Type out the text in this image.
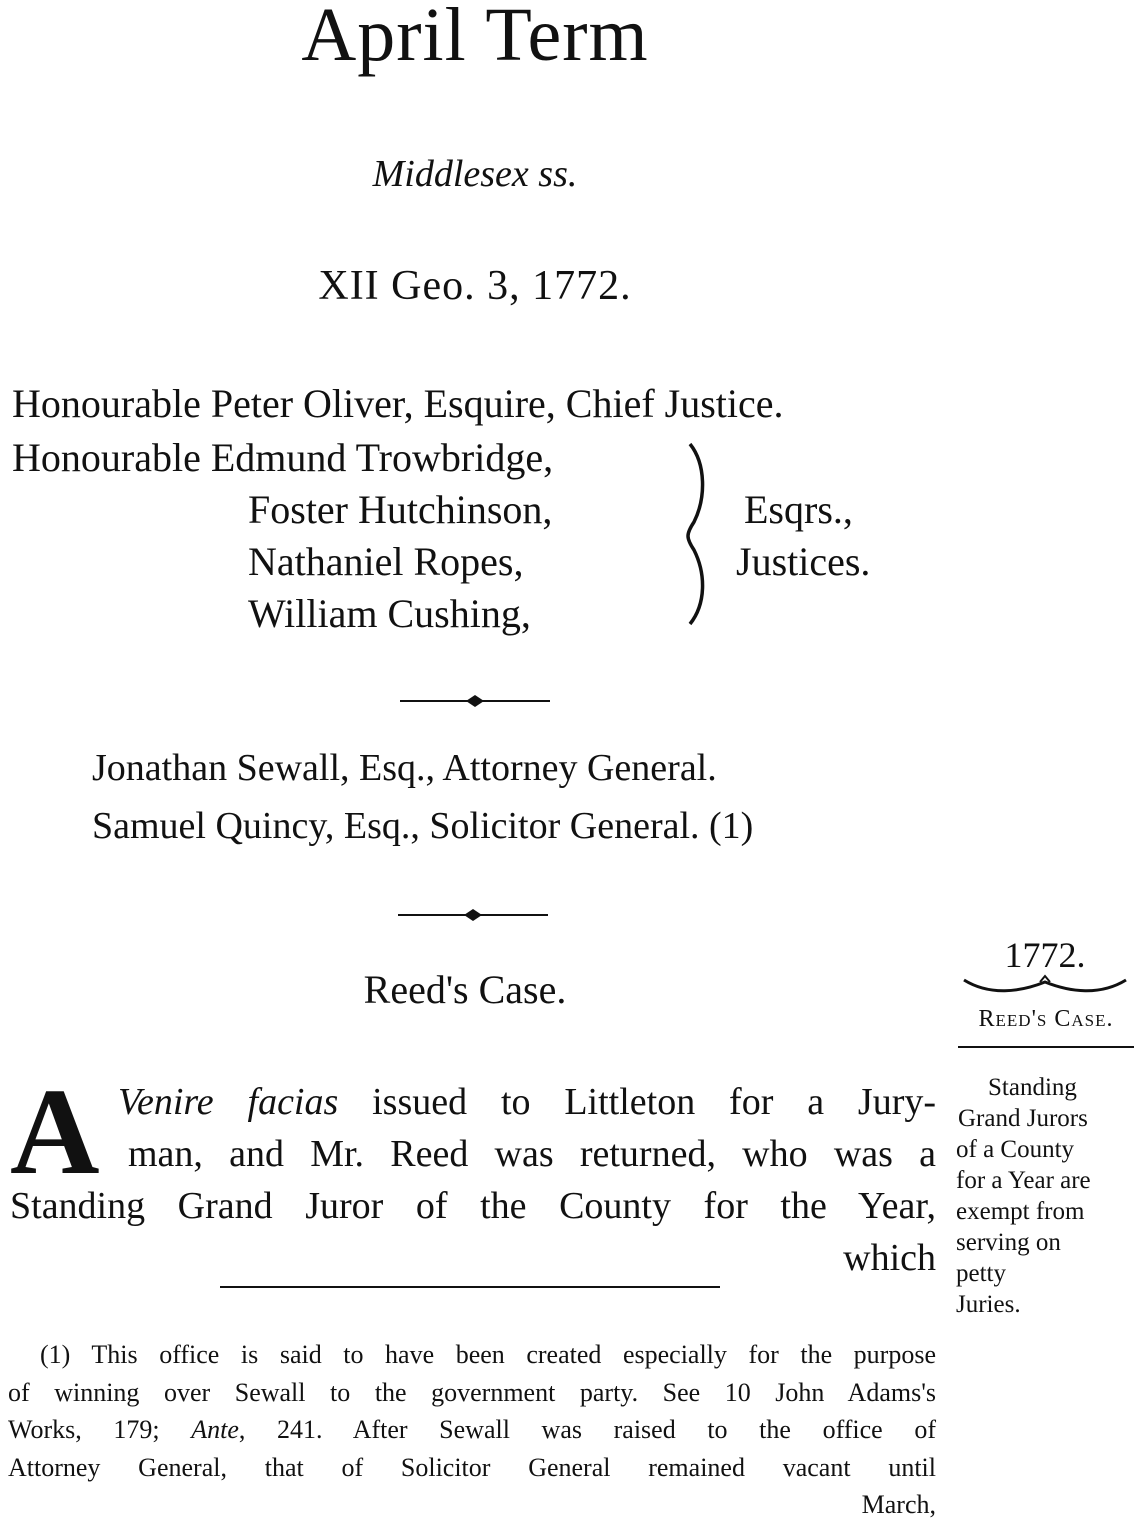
April Term
Middlesex ss.
XII Geo. 3, 1772.
Honourable Peter Oliver, Esquire, Chief Justice.
Honourable Edmund Trowbridge,
Foster Hutchinson,
Nathaniel Ropes,
William Cushing,
Esqrs.,
Justices.
Jonathan Sewall, Esq., Attorney General.
Samuel Quincy, Esq., Solicitor General. (1)
Reed's Case.
1772.
Reed's Case.
Standing
Grand Jurors
of a County
for a Year are
exempt from
serving on
petty
Juries.
A Venire facias issued to Littleton for a Jury-
man, and Mr. Reed was returned, who was a
Standing Grand Juror of the County for the Year,
which
(1) This office is said to have been created especially for the purpose
of winning over Sewall to the government party. See 10 John Adams's
Works, 179; Ante, 241. After Sewall was raised to the office of
Attorney General, that of Solicitor General remained vacant until
March,
